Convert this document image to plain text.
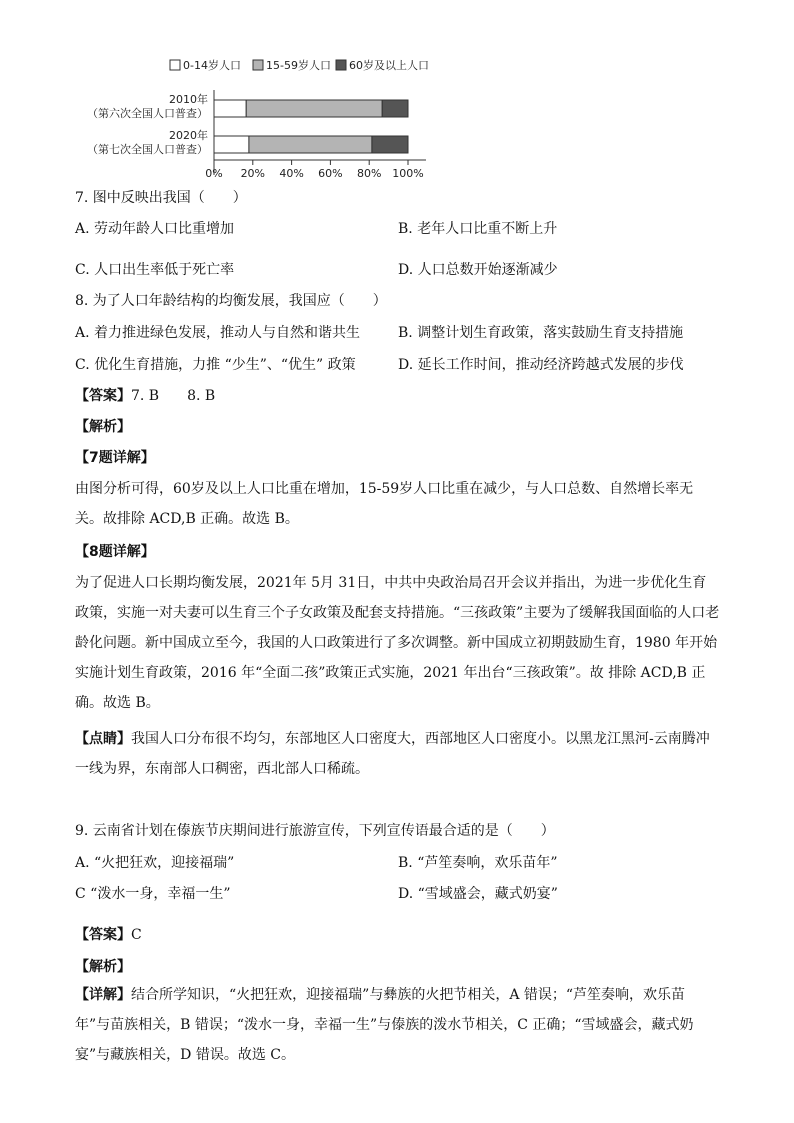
0-14岁人口 15-59岁人口 60岁及以上人口
2010年
（第六次全国人口普查）
2020年
（第七次全国人口普查）
0% 20% 40% 60% 80% 100%
7. 图中反映出我国（　　）
A. 劳动年龄人口比重增加	B. 老年人口比重不断上升
C. 人口出生率低于死亡率	D. 人口总数开始逐渐减少
8. 为了人口年龄结构的均衡发展，我国应（　　）
A. 着力推进绿色发展，推动人与自然和谐共生	B. 调整计划生育政策，落实鼓励生育支持措施
C. 优化生育措施，力推 “少生”、“优生” 政策	D. 延长工作时间，推动经济跨越式发展的步伐
【答案】7. B　　8. B
【解析】
【7题详解】
由图分析可得，60岁及以上人口比重在增加，15-59岁人口比重在减少，与人口总数、自然增长率无关。故排除 ACD,B 正确。故选 B。
【8题详解】
为了促进人口长期均衡发展，2021年 5月 31日，中共中央政治局召开会议并指出，为进一步优化生育政策，实施一对夫妻可以生育三个子女政策及配套支持措施。“三孩政策”主要为了缓解我国面临的人口老龄化问题。新中国成立至今，我国的人口政策进行了多次调整。新中国成立初期鼓励生育，1980 年开始实施计划生育政策，2016 年“全面二孩”政策正式实施，2021 年出台“三孩政策”。故 排除 ACD,B 正确。故选 B。
【点睛】我国人口分布很不均匀，东部地区人口密度大，西部地区人口密度小。以黑龙江黑河-云南腾冲一线为界，东南部人口稠密，西北部人口稀疏。
9. 云南省计划在傣族节庆期间进行旅游宣传，下列宣传语最合适的是（　　）
A. “火把狂欢，迎接福瑞”	B. “芦笙奏响，欢乐苗年”
C “泼水一身，幸福一生”	D. “雪域盛会，藏式奶宴”
【答案】C
【解析】
【详解】结合所学知识，“火把狂欢，迎接福瑞”与彝族的火把节相关，A 错误；“芦笙奏响，欢乐苗年”与苗族相关，B 错误；“泼水一身，幸福一生”与傣族的泼水节相关，C 正确；“雪域盛会，藏式奶宴”与藏族相关，D 错误。故选 C。
